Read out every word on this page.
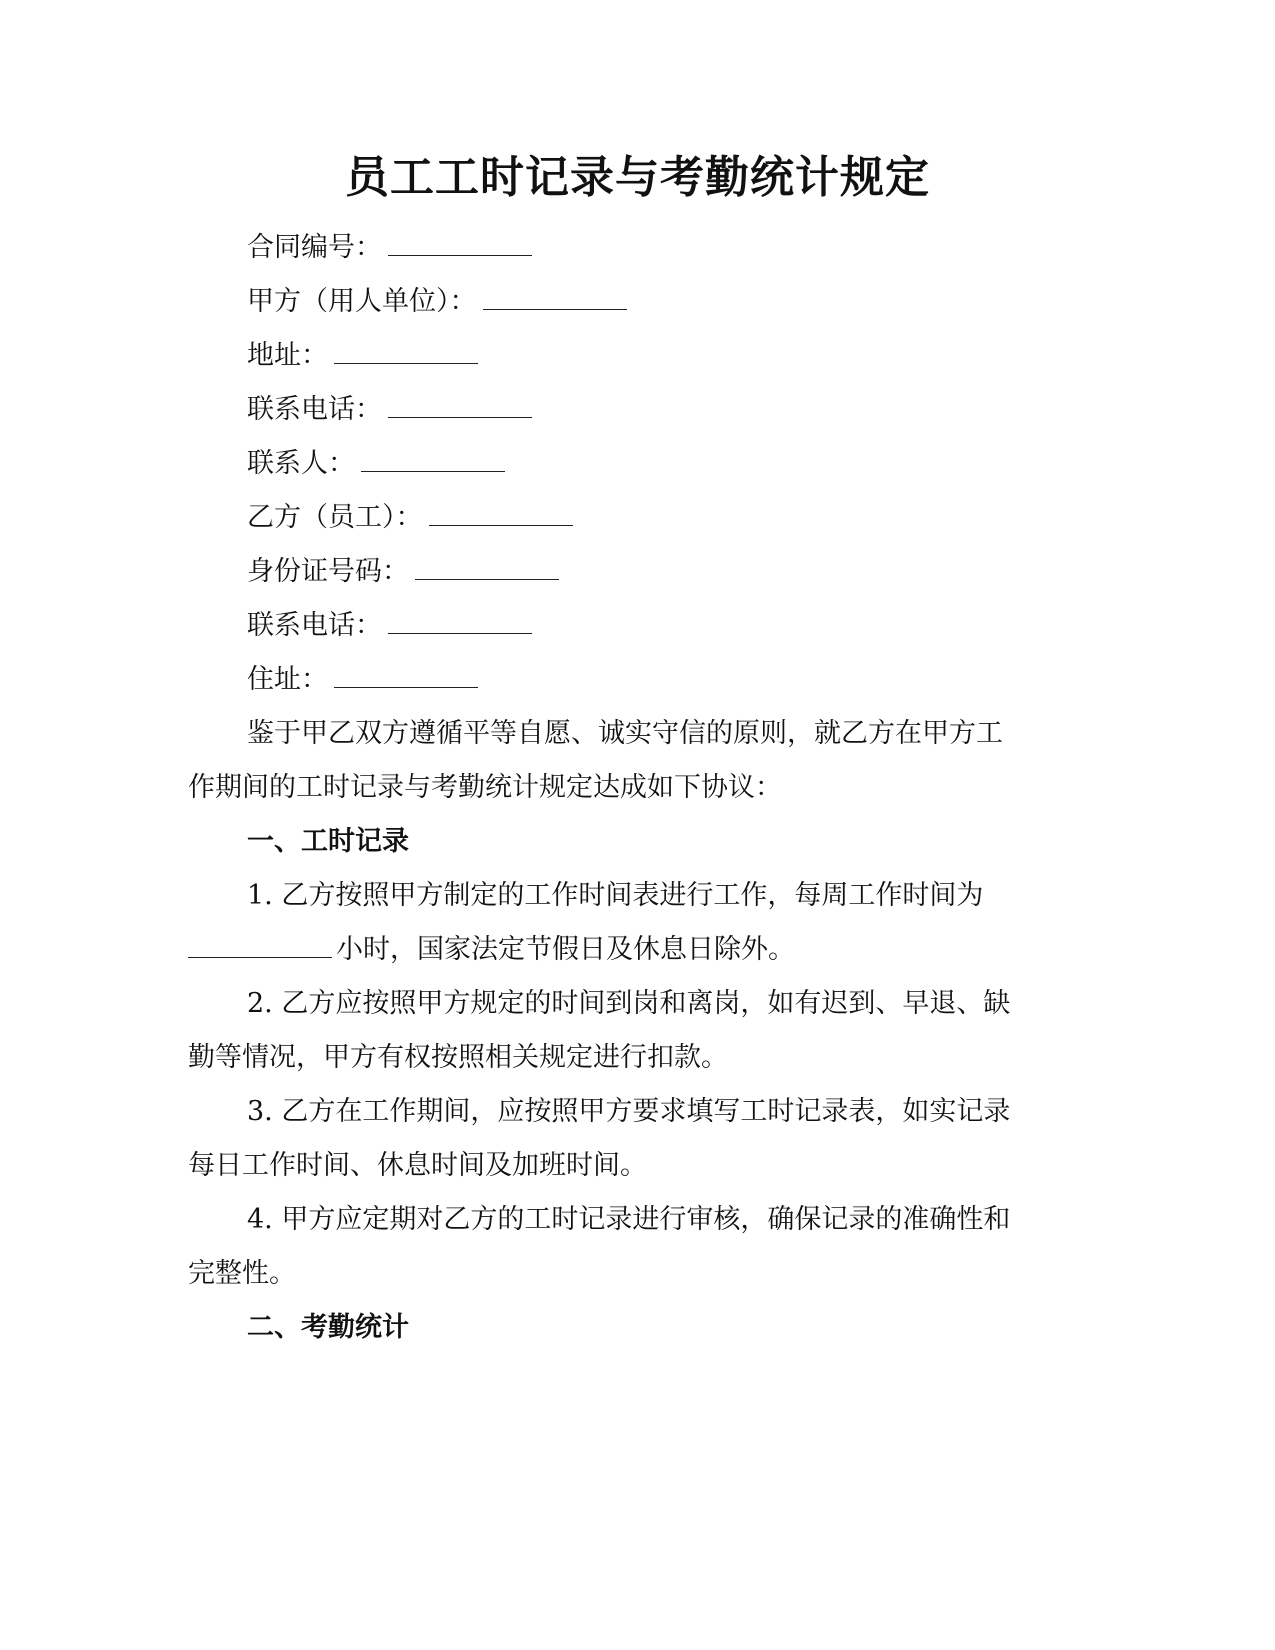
员工工时记录与考勤统计规定
合同编号：
甲方（用人单位）：
地址：
联系电话：
联系人：
乙方（员工）：
身份证号码：
联系电话：
住址：
鉴于甲乙双方遵循平等自愿、诚实守信的原则，就乙方在甲方工
作期间的工时记录与考勤统计规定达成如下协议：
一、工时记录
1. 乙方按照甲方制定的工作时间表进行工作，每周工作时间为
小时，国家法定节假日及休息日除外。
2. 乙方应按照甲方规定的时间到岗和离岗，如有迟到、早退、缺
勤等情况，甲方有权按照相关规定进行扣款。
3. 乙方在工作期间，应按照甲方要求填写工时记录表，如实记录
每日工作时间、休息时间及加班时间。
4. 甲方应定期对乙方的工时记录进行审核，确保记录的准确性和
完整性。
二、考勤统计
